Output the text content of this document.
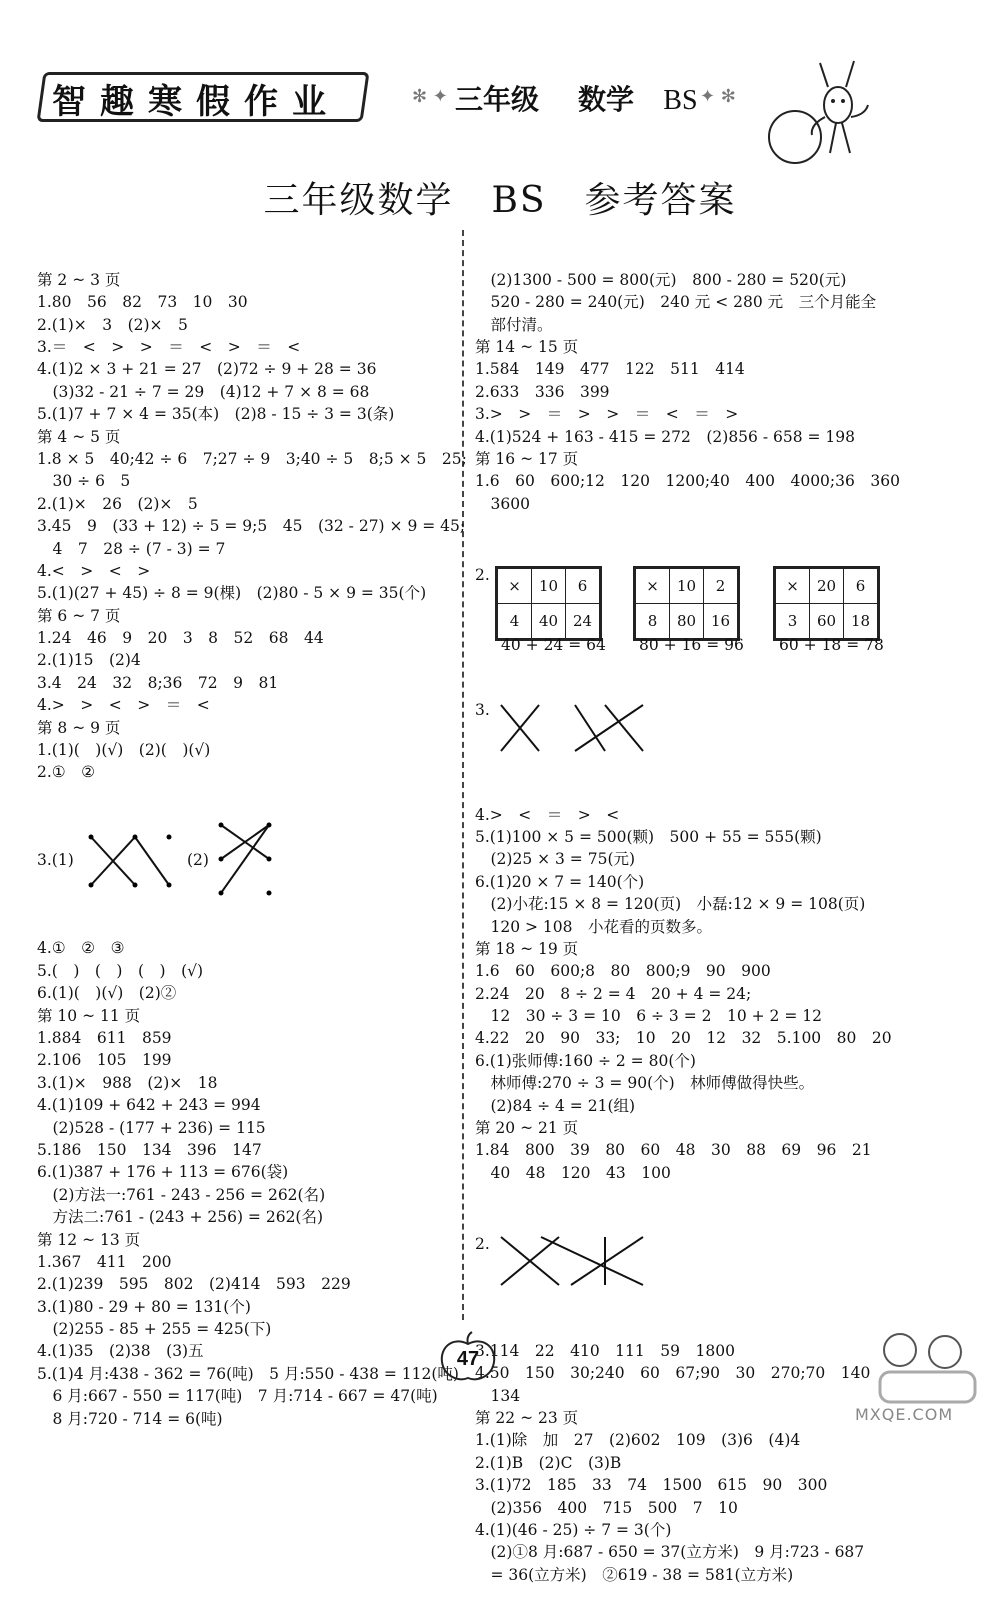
智趣寒假作业	✻ ✦ 三年级 数学 BS ✦ ✻
三年级数学　BS　参考答案

第 2 ~ 3 页
1.80　56　82　73　10　30
2.(1)×　3　(2)×　5
3.＝　<　>　>　＝　<　>　＝　<
4.(1)2 × 3 + 21 = 27　(2)72 ÷ 9 + 28 = 36
　(3)32 - 21 ÷ 7 = 29　(4)12 + 7 × 8 = 68
5.(1)7 + 7 × 4 = 35(本)　(2)8 - 15 ÷ 3 = 3(条)
第 4 ~ 5 页
1.8 × 5　40;42 ÷ 6　7;27 ÷ 9　3;40 ÷ 5　8;5 × 5　25;
　30 ÷ 6　5
2.(1)×　26　(2)×　5
3.45　9　(33 + 12) ÷ 5 = 9;5　45　(32 - 27) × 9 = 45;
　4　7　28 ÷ (7 - 3) = 7
4.<　>　<　>
5.(1)(27 + 45) ÷ 8 = 9(棵)　(2)80 - 5 × 9 = 35(个)
第 6 ~ 7 页
1.24　46　9　20　3　8　52　68　44
2.(1)15　(2)4
3.4　24　32　8;36　72　9　81
4.>　>　<　>　＝　<
第 8 ~ 9 页
1.(1)(　)(√)　(2)(　)(√)
2.①　②

3.(1)

	(2)

4.①　②　③
5.(　)　(　)　(　)　(√)
6.(1)(　)(√)　(2)②
第 10 ~ 11 页
1.884　611　859
2.106　105　199
3.(1)×　988　(2)×　18
4.(1)109 + 642 + 243 = 994
　(2)528 - (177 + 236) = 115
5.186　150　134　396　147
6.(1)387 + 176 + 113 = 676(袋)
　(2)方法一:761 - 243 - 256 = 262(名)
　方法二:761 - (243 + 256) = 262(名)
第 12 ~ 13 页
1.367　411　200
2.(1)239　595　802　(2)414　593　229
3.(1)80 - 29 + 80 = 131(个)
　(2)255 - 85 + 255 = 425(下)
4.(1)35　(2)38　(3)五
5.(1)4 月:438 - 362 = 76(吨)　5 月:550 - 438 = 112(吨)
　6 月:667 - 550 = 117(吨)　7 月:714 - 667 = 47(吨)
　8 月:720 - 714 = 6(吨)

　(2)1300 - 500 = 800(元)　800 - 280 = 520(元)
　520 - 280 = 240(元)　240 元 < 280 元　三个月能全
　部付清。
第 14 ~ 15 页
1.584　149　477　122　511　414
2.633　336　399
3.>　>　＝　>　>　＝　<　＝　>
4.(1)524 + 163 - 415 = 272　(2)856 - 658 = 198
第 16 ~ 17 页
1.6　60　600;12　120　1200;40　400　4000;36　360
　3600

2.

×	10	6
4	40	24
40 + 24 = 64
×	10	2
8	80	16
80 + 16 = 96
×	20	6
3	60	18
60 + 18 = 78

3.

4.>　<　＝　>　<
5.(1)100 × 5 = 500(颗)　500 + 55 = 555(颗)
　(2)25 × 3 = 75(元)
6.(1)20 × 7 = 140(个)
　(2)小花:15 × 8 = 120(页)　小磊:12 × 9 = 108(页)
　120 > 108　小花看的页数多。
第 18 ~ 19 页
1.6　60　600;8　80　800;9　90　900
2.24　20　8 ÷ 2 = 4　20 + 4 = 24;
　12　30 ÷ 3 = 10　6 ÷ 3 = 2　10 + 2 = 12
4.22　20　90　33;　10　20　12　32　5.100　80　20
6.(1)张师傅:160 ÷ 2 = 80(个)
　林师傅:270 ÷ 3 = 90(个)　林师傅做得快些。
　(2)84 ÷ 4 = 21(组)
第 20 ~ 21 页
1.84　800　39　80　60　48　30　88　69　96　21
　40　48　120　43　100

2.

3.114　22　410　111　59　1800
4.50　150　30;240　60　67;90　30　270;70　140
　134
第 22 ~ 23 页
1.(1)除　加　27　(2)602　109　(3)6　(4)4
2.(1)B　(2)C　(3)B
3.(1)72　185　33　74　1500　615　90　300
　(2)356　400　715　500　7　10
4.(1)(46 - 25) ÷ 7 = 3(个)
　(2)①8 月:687 - 650 = 37(立方米)　9 月:723 - 687
　= 36(立方米)　②619 - 38 = 581(立方米)

47
MXQE.COM
